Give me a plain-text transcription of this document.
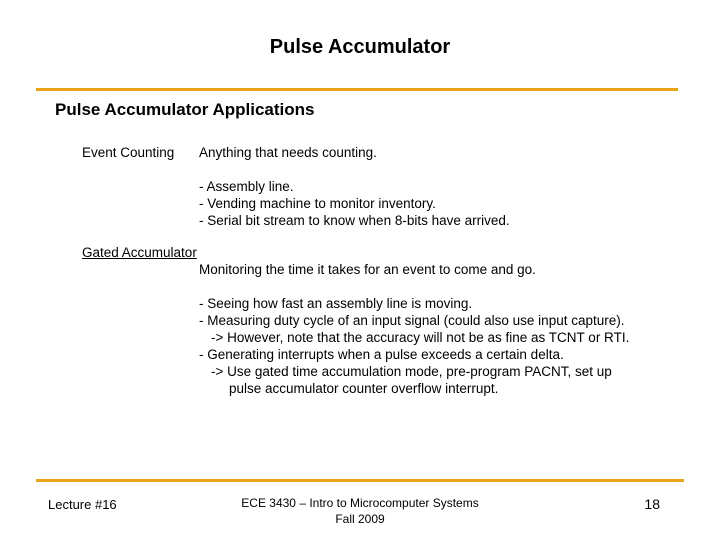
Pulse Accumulator
Pulse Accumulator Applications
Event Counting Anything that needs counting.
- Assembly line.
- Vending machine to monitor inventory.
- Serial bit stream to know when 8-bits have arrived.
Gated Accumulator
Monitoring the time it takes for an event to come and go.
- Seeing how fast an assembly line is moving.
- Measuring duty cycle of an input signal (could also use input capture).
-> However, note that the accuracy will not be as fine as TCNT or RTI.
- Generating interrupts when a pulse exceeds a certain delta.
-> Use gated time accumulation mode, pre-program PACNT, set up
pulse accumulator counter overflow interrupt.
Lecture #16	ECE 3430 – Intro to Microcomputer Systems
Fall 2009
18
